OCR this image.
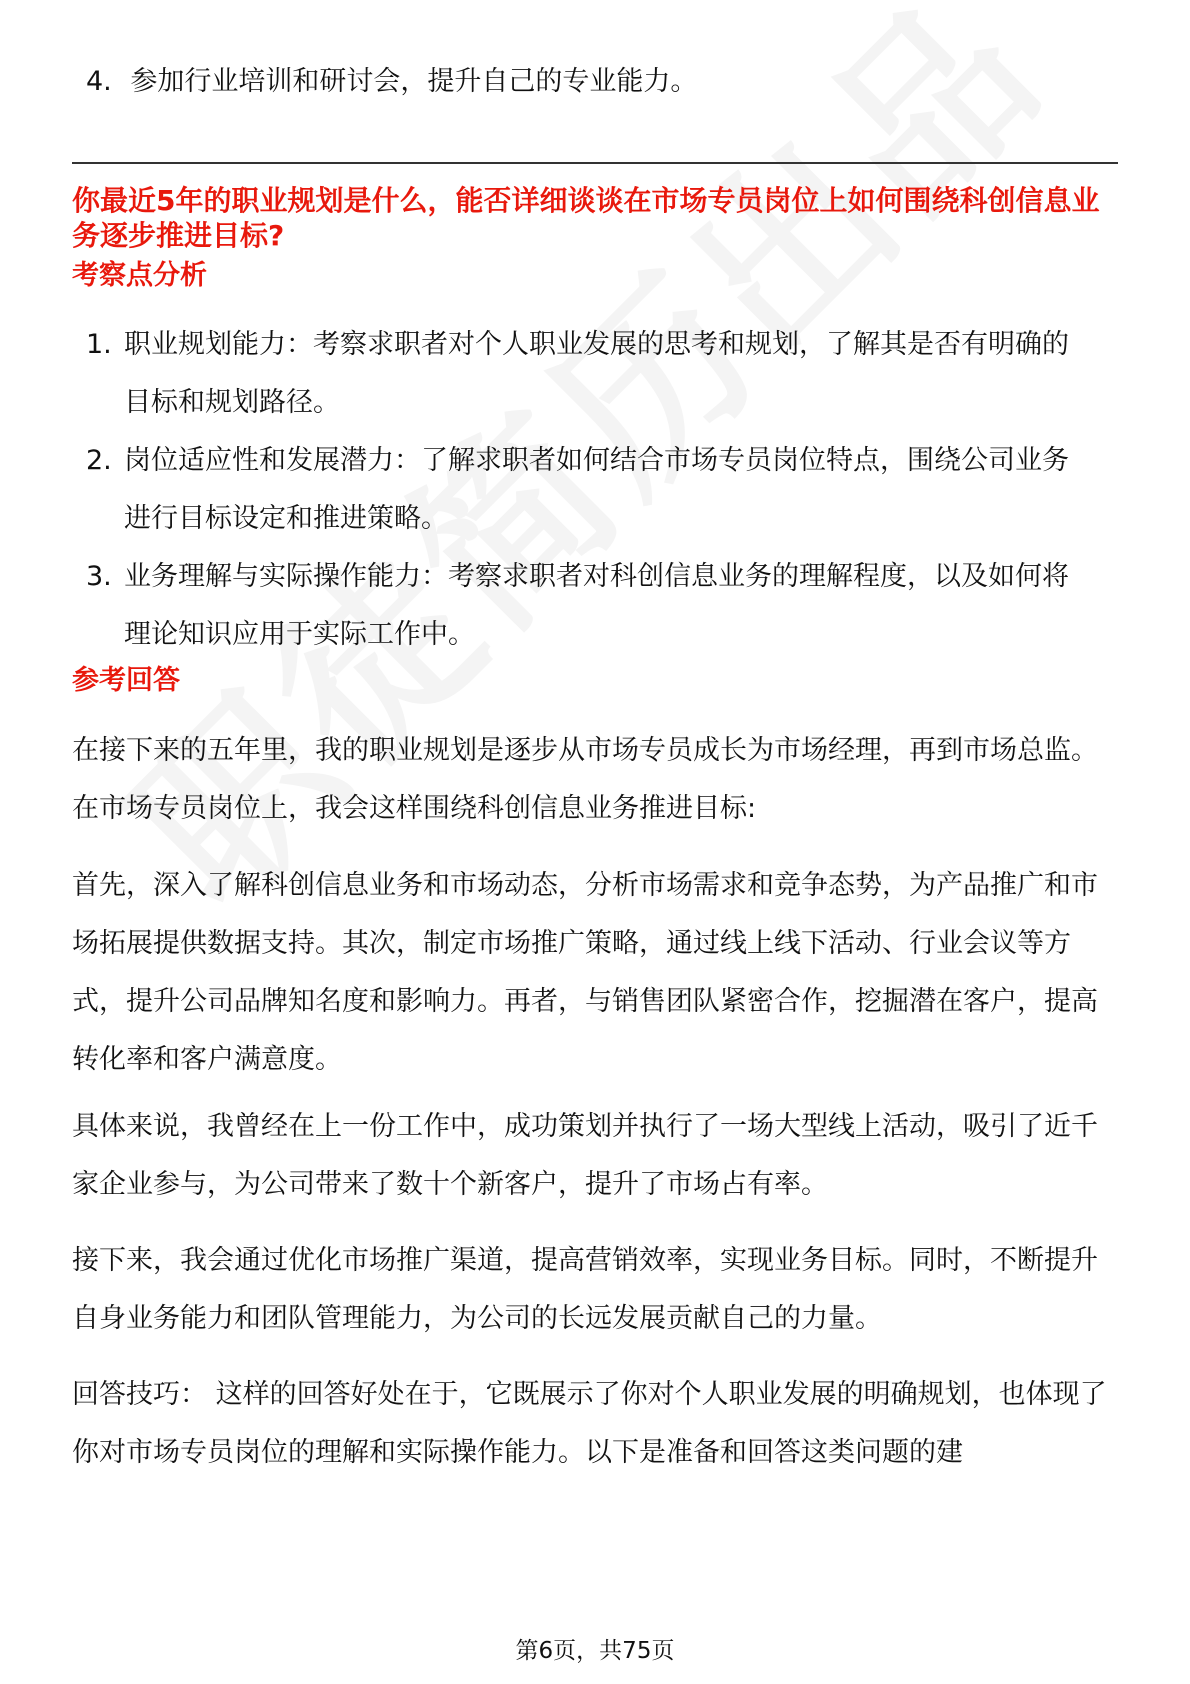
4. 参加行业培训和研讨会，提升自己的专业能力。
你最近5年的职业规划是什么，能否详细谈谈在市场专员岗位上如何围绕科创信息业务逐步推进目标?
考察点分析
1. 职业规划能力：考察求职者对个人职业发展的思考和规划，了解其是否有明确的目标和规划路径。
2. 岗位适应性和发展潜力：了解求职者如何结合市场专员岗位特点，围绕公司业务进行目标设定和推进策略。
3. 业务理解与实际操作能力：考察求职者对科创信息业务的理解程度，以及如何将理论知识应用于实际工作中。
参考回答
在接下来的五年里，我的职业规划是逐步从市场专员成长为市场经理，再到市场总监。在市场专员岗位上，我会这样围绕科创信息业务推进目标:
首先，深入了解科创信息业务和市场动态，分析市场需求和竞争态势，为产品推广和市场拓展提供数据支持。其次，制定市场推广策略，通过线上线下活动、行业会议等方式，提升公司品牌知名度和影响力。再者，与销售团队紧密合作，挖掘潜在客户，提高转化率和客户满意度。
具体来说，我曾经在上一份工作中，成功策划并执行了一场大型线上活动，吸引了近千家企业参与，为公司带来了数十个新客户，提升了市场占有率。
接下来，我会通过优化市场推广渠道，提高营销效率，实现业务目标。同时，不断提升自身业务能力和团队管理能力，为公司的长远发展贡献自己的力量。
回答技巧： 这样的回答好处在于，它既展示了你对个人职业发展的明确规划，也体现了你对市场专员岗位的理解和实际操作能力。以下是准备和回答这类问题的建
第6页，共75页
